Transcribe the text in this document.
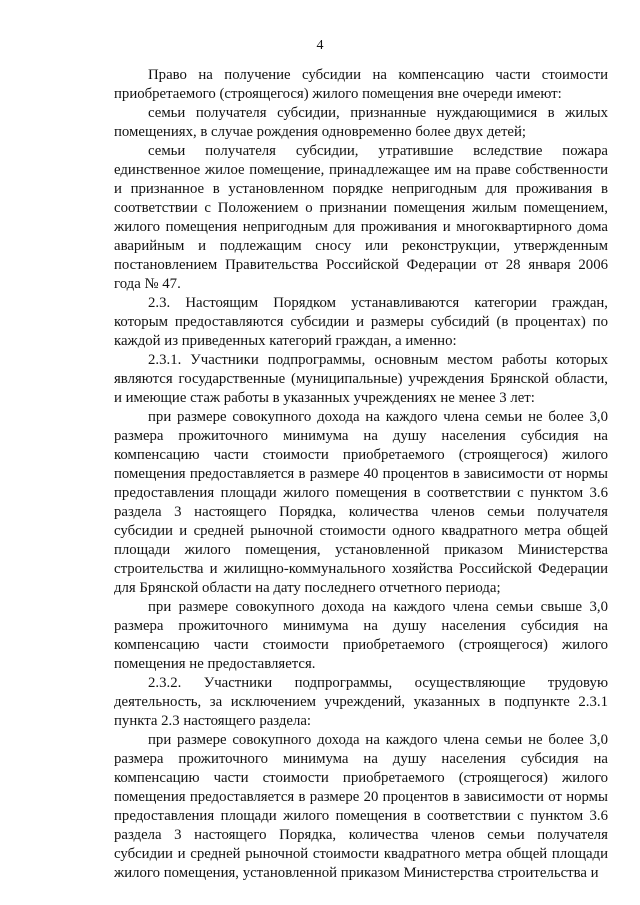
4

Право на получение субсидии на компенсацию части стоимости приобретаемого (строящегося) жилого помещения вне очереди имеют:

семьи получателя субсидии, признанные нуждающимися в жилых помещениях, в случае рождения одновременно более двух детей;

семьи получателя субсидии, утратившие вследствие пожара единственное жилое помещение, принадлежащее им на праве собственности и признанное в установленном порядке непригодным для проживания в соответствии с Положением о признании помещения жилым помещением, жилого помещения непригодным для проживания и многоквартирного дома аварийным и подлежащим сносу или реконструкции, утвержденным постановлением Правительства Российской Федерации от 28 января 2006 года № 47.

2.3. Настоящим Порядком устанавливаются категории граждан, которым предоставляются субсидии и размеры субсидий (в процентах) по каждой из приведенных категорий граждан, а именно:

2.3.1. Участники подпрограммы, основным местом работы которых являются государственные (муниципальные) учреждения Брянской области, и имеющие стаж работы в указанных учреждениях не менее 3 лет:

при размере совокупного дохода на каждого члена семьи не более 3,0 размера прожиточного минимума на душу населения субсидия на компенсацию части стоимости приобретаемого (строящегося) жилого помещения предоставляется в размере 40 процентов в зависимости от нормы предоставления площади жилого помещения в соответствии с пунктом 3.6 раздела 3 настоящего Порядка, количества членов семьи получателя субсидии и средней рыночной стоимости одного квадратного метра общей площади жилого помещения, установленной приказом Министерства строительства и жилищно-коммунального хозяйства Российской Федерации для Брянской области на дату последнего отчетного периода;

при размере совокупного дохода на каждого члена семьи свыше 3,0 размера прожиточного минимума на душу населения субсидия на компенсацию части стоимости приобретаемого (строящегося) жилого помещения не предоставляется.

2.3.2. Участники подпрограммы, осуществляющие трудовую деятельность, за исключением учреждений, указанных в подпункте 2.3.1 пункта 2.3 настоящего раздела:

при размере совокупного дохода на каждого члена семьи не более 3,0 размера прожиточного минимума на душу населения субсидия на компенсацию части стоимости приобретаемого (строящегося) жилого помещения предоставляется в размере 20 процентов в зависимости от нормы предоставления площади жилого помещения в соответствии с пунктом 3.6 раздела 3 настоящего Порядка, количества членов семьи получателя субсидии и средней рыночной стоимости квадратного метра общей площади жилого помещения, установленной приказом Министерства строительства и
